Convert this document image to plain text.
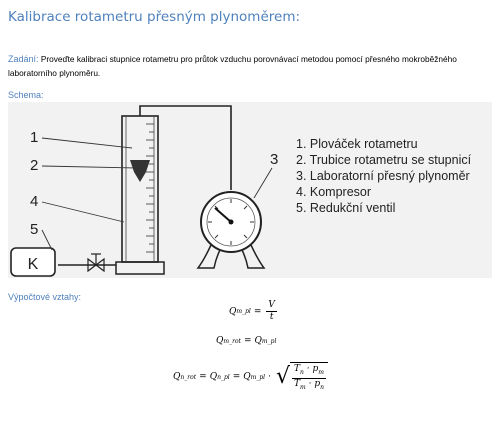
Kalibrace rotametru přesným plynoměrem:
Zadání: Proveďte kalibraci stupnice rotametru pro průtok vzduchu porovnávací metodou pomocí přesného mokroběžného laboratorního plynoměru.
Schema:
K
1
2
4
5
3
1. Plováček rotametru
2. Trubice rotametru se stupnicí
3. Laboratorní přesný plynoměr
4. Kompresor
5. Redukční ventil
Výpočtové vztahy:
Q m_pl = $\frac{V}{t}$
Q m_rot = Q m_pl
Q n_rot = Q n_pl = Q m_pl · √ $\frac{T_n \cdot p_m}{T_m \cdot p_n}$
